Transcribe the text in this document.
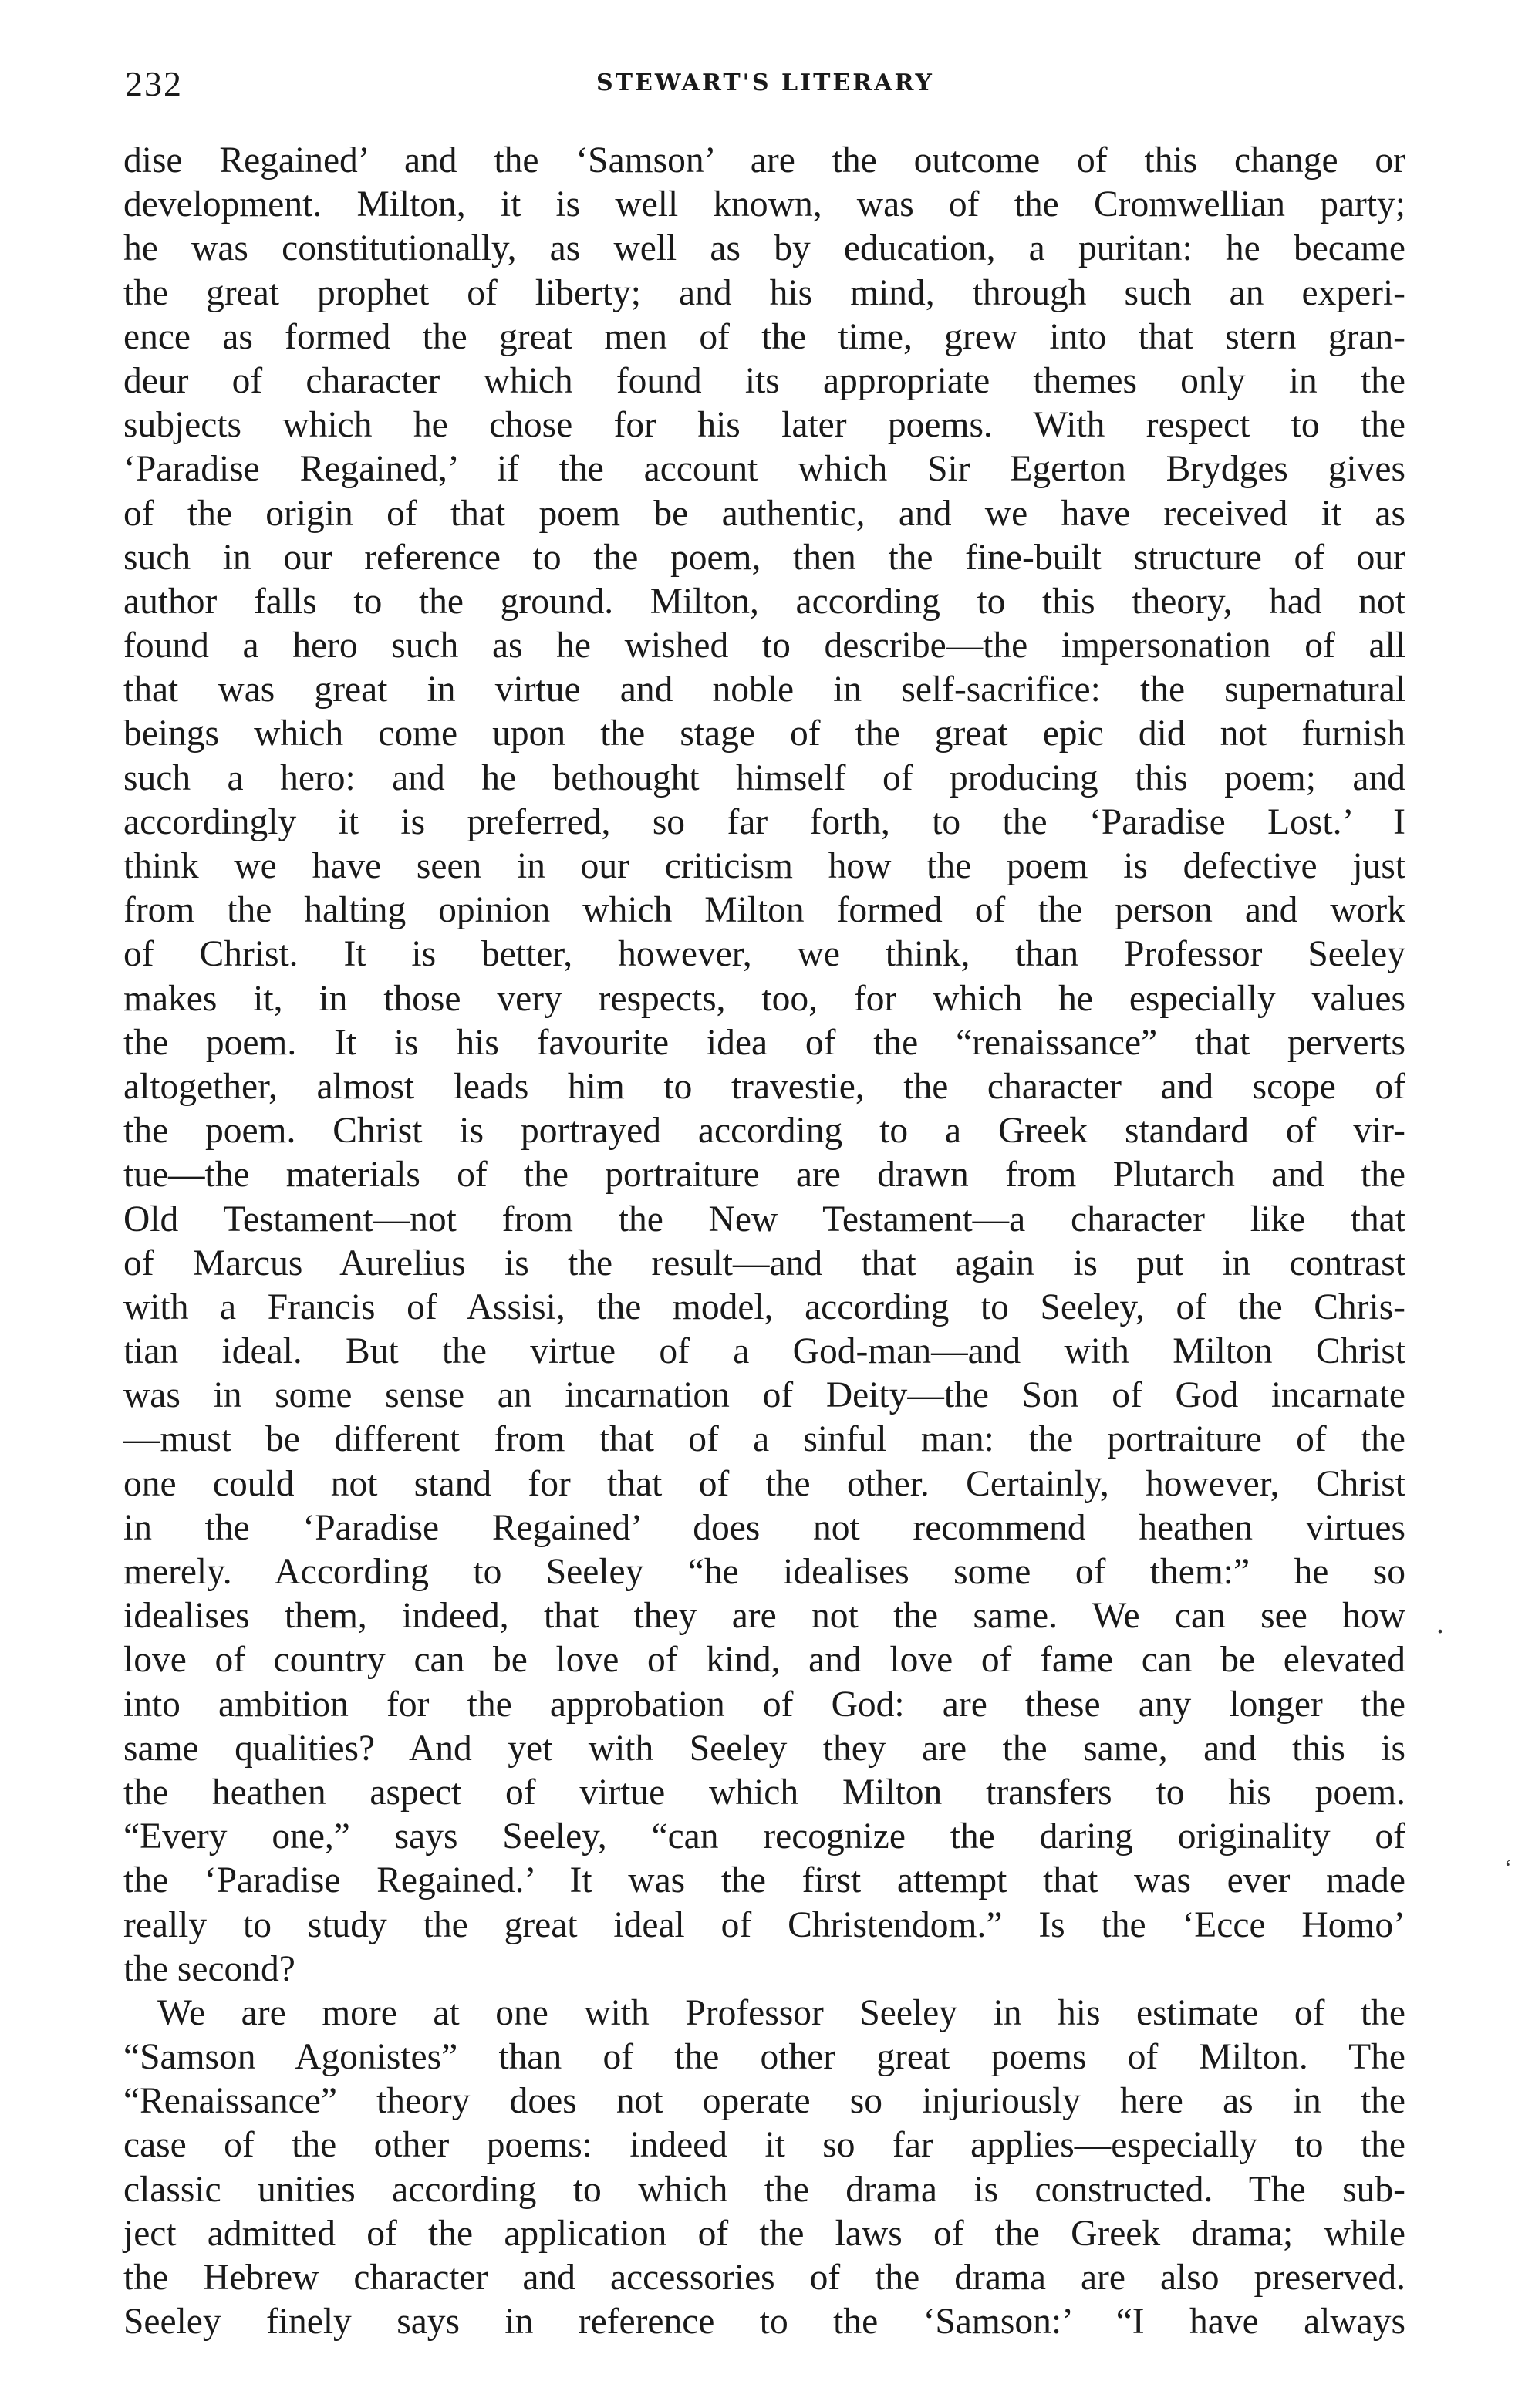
232	STEWART'S LITERARY
dise Regained’ and the ‘Samson’ are the outcome of this change or
development. Milton, it is well known, was of the Cromwellian party;
he was constitutionally, as well as by education, a puritan: he became
the great prophet of liberty; and his mind, through such an experi-
ence as formed the great men of the time, grew into that stern gran-
deur of character which found its appropriate themes only in the
subjects which he chose for his later poems. With respect to the
‘Paradise Regained,’ if the account which Sir Egerton Brydges gives
of the origin of that poem be authentic, and we have received it as
such in our reference to the poem, then the fine-built structure of our
author falls to the ground. Milton, according to this theory, had not
found a hero such as he wished to describe—the impersonation of all
that was great in virtue and noble in self-sacrifice: the supernatural
beings which come upon the stage of the great epic did not furnish
such a hero: and he bethought himself of producing this poem; and
accordingly it is preferred, so far forth, to the ‘Paradise Lost.’ I
think we have seen in our criticism how the poem is defective just
from the halting opinion which Milton formed of the person and work
of Christ. It is better, however, we think, than Professor Seeley
makes it, in those very respects, too, for which he especially values
the poem. It is his favourite idea of the “renaissance” that perverts
altogether, almost leads him to travestie, the character and scope of
the poem. Christ is portrayed according to a Greek standard of vir-
tue—the materials of the portraiture are drawn from Plutarch and the
Old Testament—not from the New Testament—a character like that
of Marcus Aurelius is the result—and that again is put in contrast
with a Francis of Assisi, the model, according to Seeley, of the Chris-
tian ideal. But the virtue of a God-man—and with Milton Christ
was in some sense an incarnation of Deity—the Son of God incarnate
—must be different from that of a sinful man: the portraiture of the
one could not stand for that of the other. Certainly, however, Christ
in the ‘Paradise Regained’ does not recommend heathen virtues
merely. According to Seeley “he idealises some of them:” he so
idealises them, indeed, that they are not the same. We can see how
love of country can be love of kind, and love of fame can be elevated
into ambition for the approbation of God: are these any longer the
same qualities? And yet with Seeley they are the same, and this is
the heathen aspect of virtue which Milton transfers to his poem.
“Every one,” says Seeley, “can recognize the daring originality of
the ‘Paradise Regained.’ It was the first attempt that was ever made
really to study the great ideal of Christendom.” Is the ‘Ecce Homo’
the second?
We are more at one with Professor Seeley in his estimate of the
“Samson Agonistes” than of the other great poems of Milton. The
“Renaissance” theory does not operate so injuriously here as in the
case of the other poems: indeed it so far applies—especially to the
classic unities according to which the drama is constructed. The sub-
ject admitted of the application of the laws of the Greek drama; while
the Hebrew character and accessories of the drama are also preserved.
Seeley finely says in reference to the ‘Samson:’ “I have always
.
‘
